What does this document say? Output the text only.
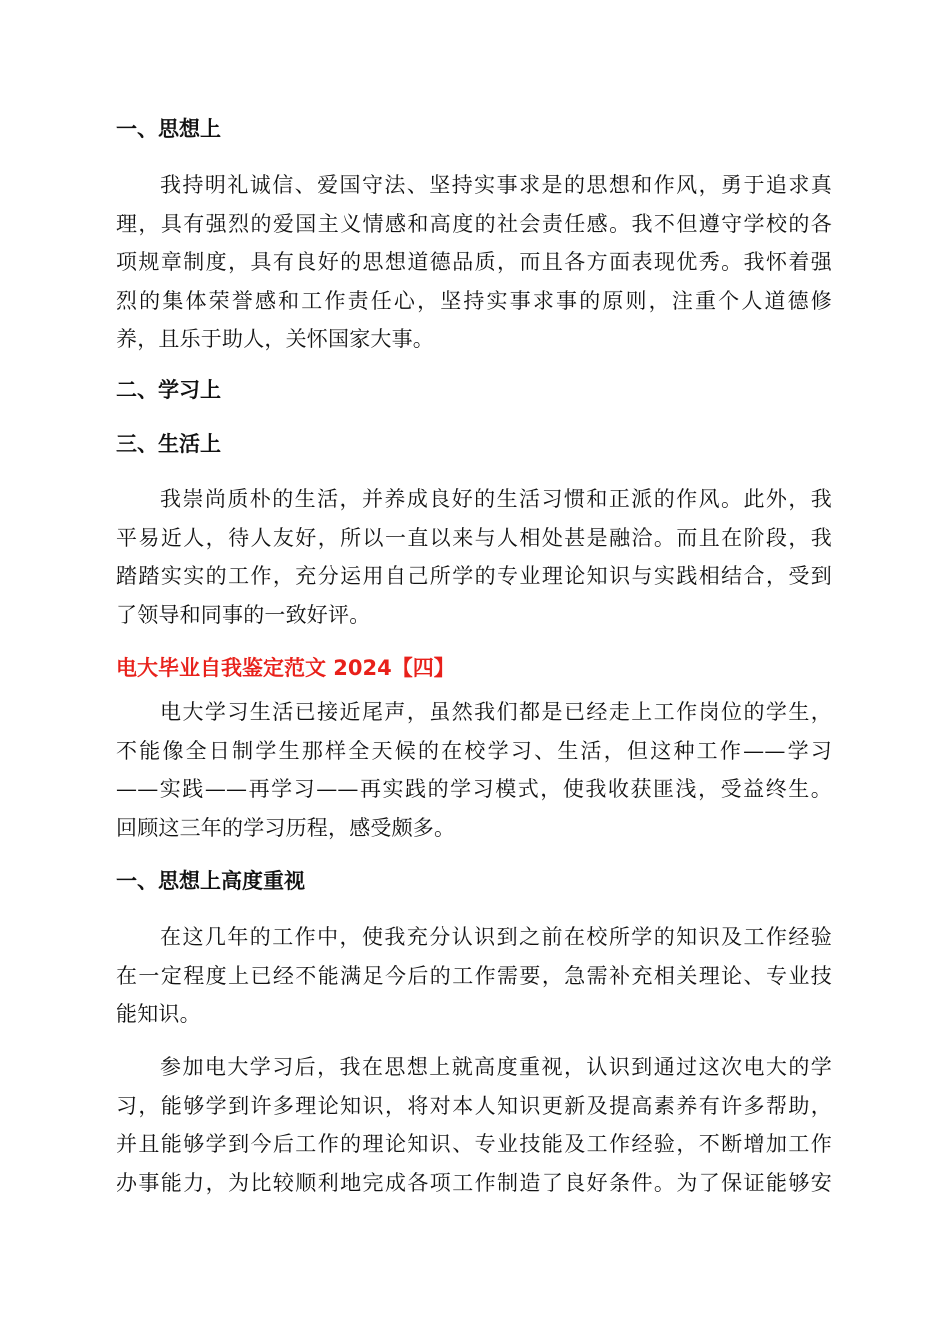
一、思想上
我持明礼诚信、爱国守法、坚持实事求是的思想和作风，勇于追求真
理，具有强烈的爱国主义情感和高度的社会责任感。我不但遵守学校的各
项规章制度，具有良好的思想道德品质，而且各方面表现优秀。我怀着强
烈的集体荣誉感和工作责任心，坚持实事求事的原则，注重个人道德修
养，且乐于助人，关怀国家大事。
二、学习上
三、生活上
我崇尚质朴的生活，并养成良好的生活习惯和正派的作风。此外，我
平易近人，待人友好，所以一直以来与人相处甚是融洽。而且在阶段，我
踏踏实实的工作，充分运用自己所学的专业理论知识与实践相结合，受到
了领导和同事的一致好评。
电大毕业自我鉴定范文 2024【四】
电大学习生活已接近尾声，虽然我们都是已经走上工作岗位的学生，
不能像全日制学生那样全天候的在校学习、生活，但这种工作——学习
——实践——再学习——再实践的学习模式，使我收获匪浅，受益终生。
回顾这三年的学习历程，感受颇多。
一、思想上高度重视
在这几年的工作中，使我充分认识到之前在校所学的知识及工作经验
在一定程度上已经不能满足今后的工作需要，急需补充相关理论、专业技
能知识。
参加电大学习后，我在思想上就高度重视，认识到通过这次电大的学
习，能够学到许多理论知识，将对本人知识更新及提高素养有许多帮助，
并且能够学到今后工作的理论知识、专业技能及工作经验，不断增加工作
办事能力，为比较顺利地完成各项工作制造了良好条件。为了保证能够安
